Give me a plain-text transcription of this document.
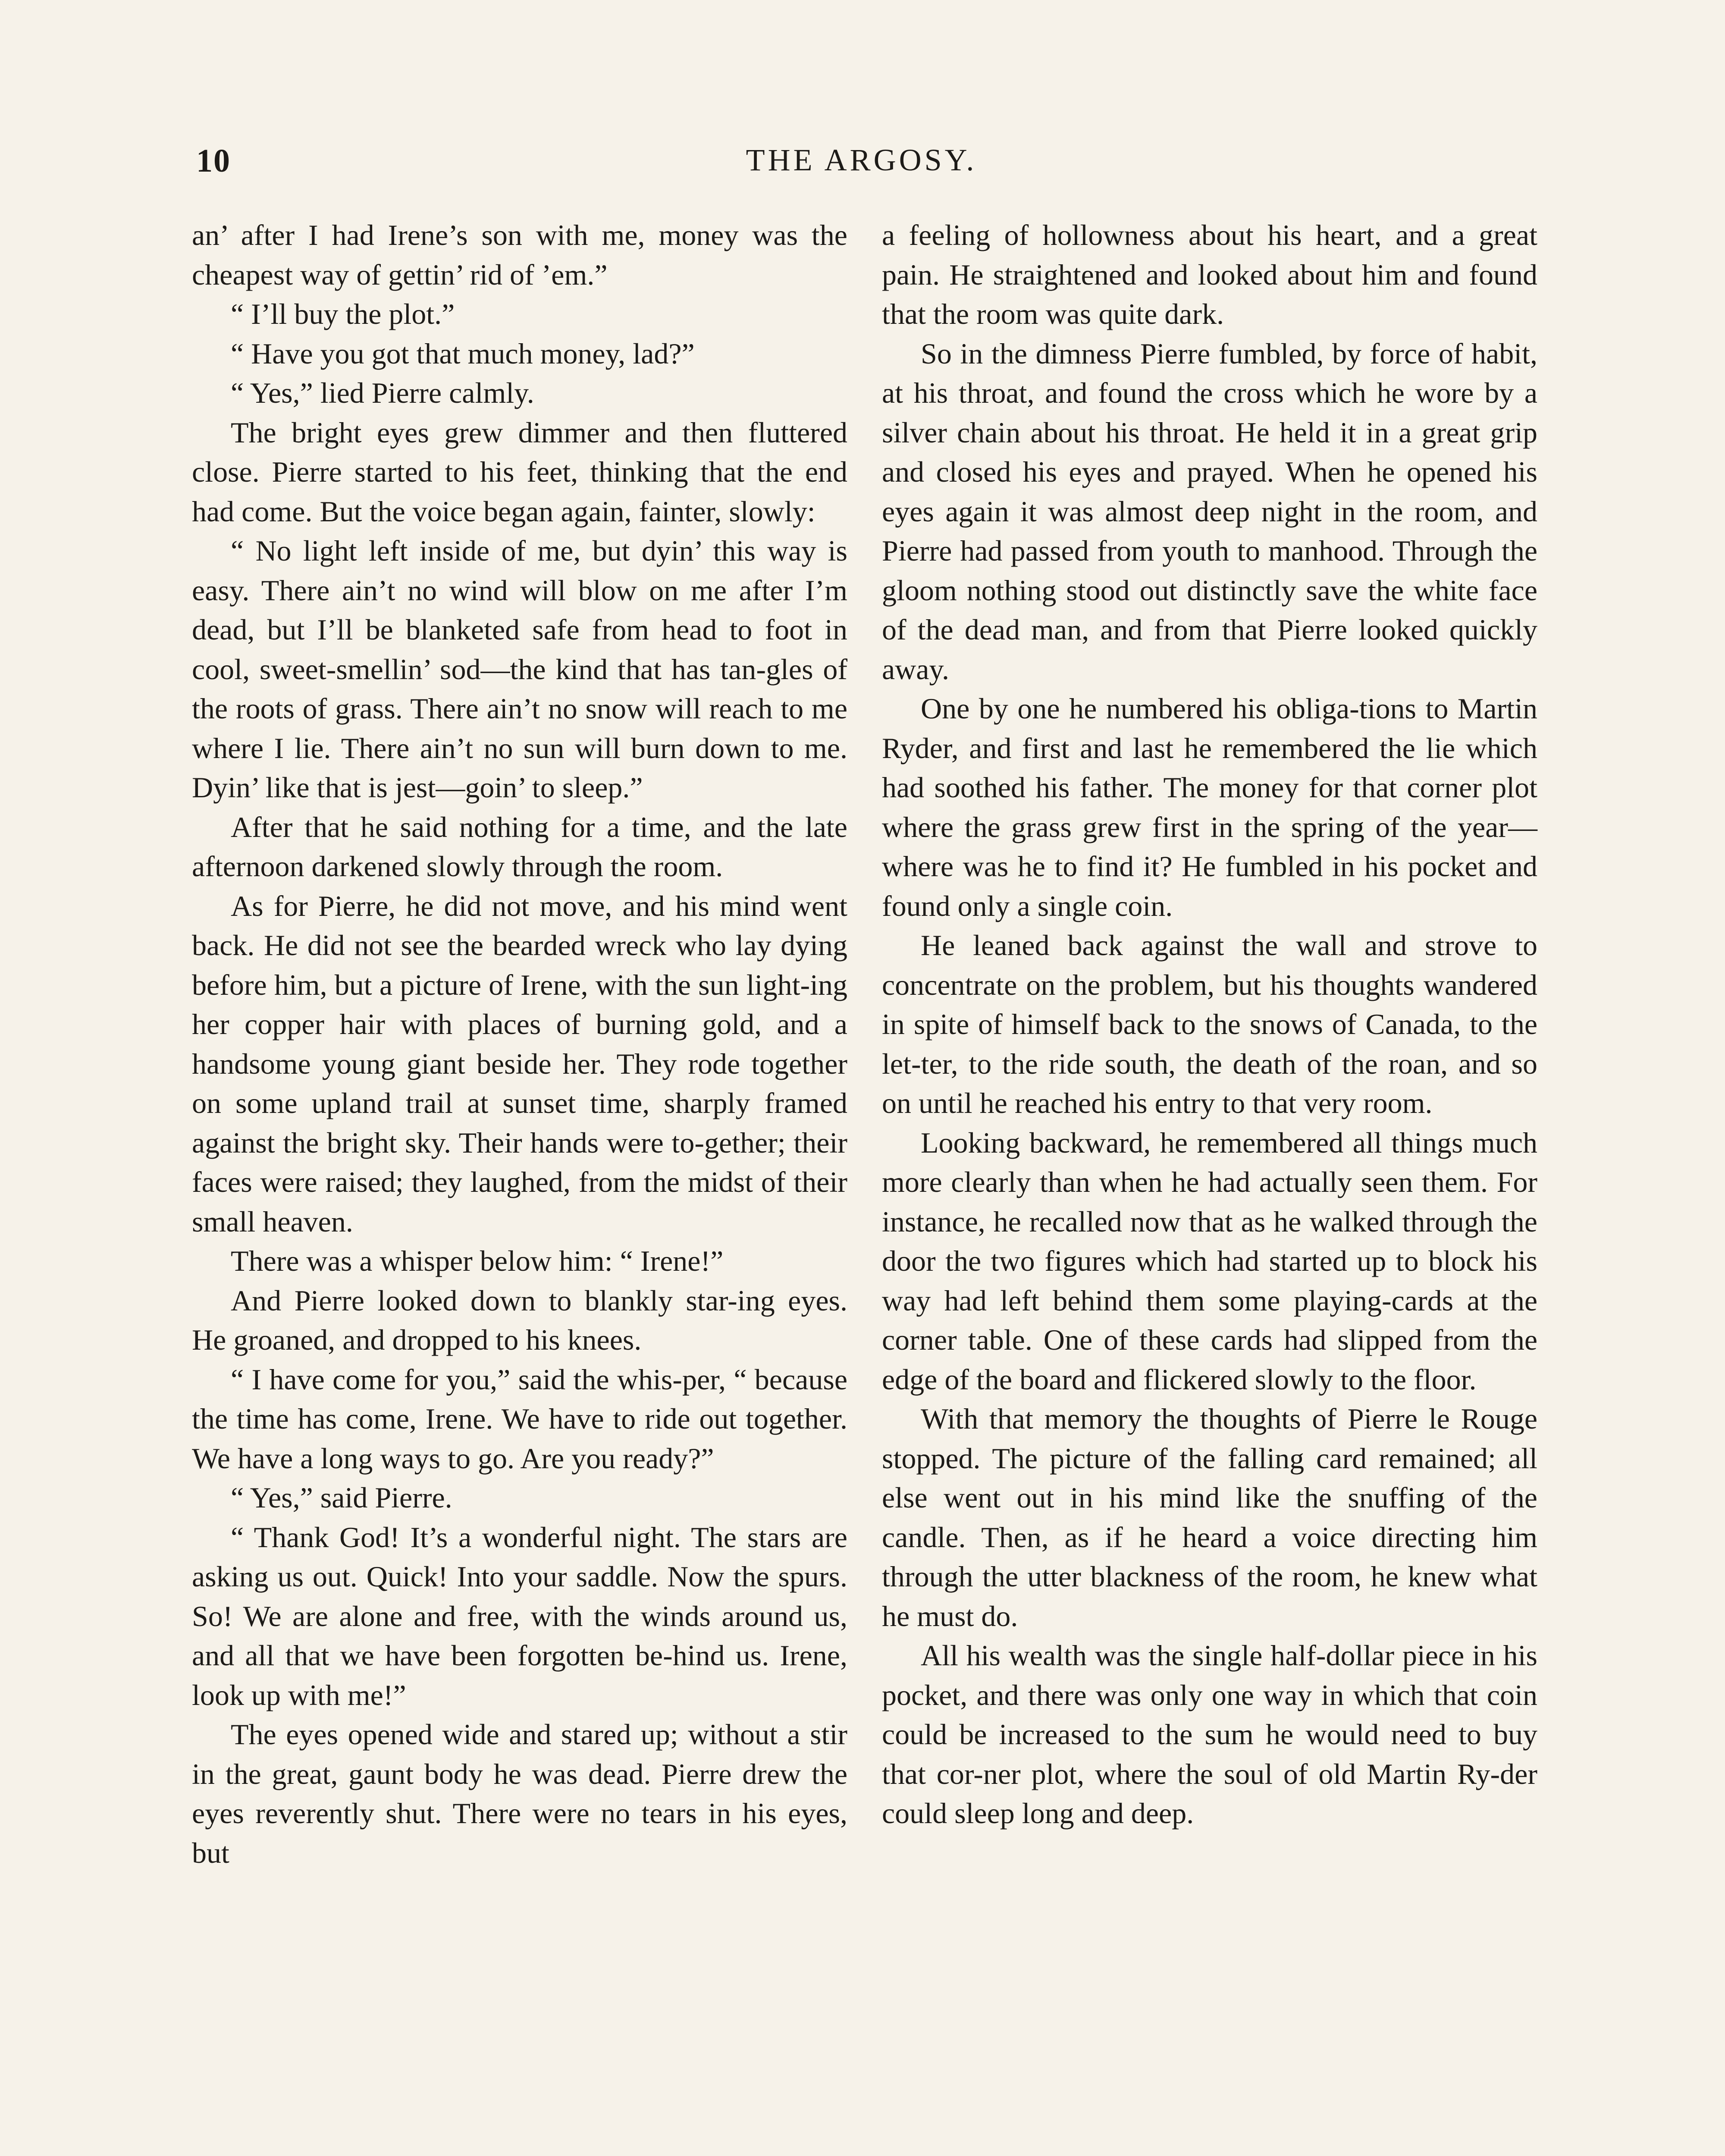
10	THE ARGOSY.

an’ after I had Irene’s son with me, money was the cheapest way of gettin’ rid of ’em.”

“ I’ll buy the plot.”

“ Have you got that much money, lad?”

“ Yes,” lied Pierre calmly.

The bright eyes grew dimmer and then fluttered close. Pierre started to his feet, thinking that the end had come. But the voice began again, fainter, slowly:

“ No light left inside of me, but dyin’ this way is easy. There ain’t no wind will blow on me after I’m dead, but I’ll be blanketed safe from head to foot in cool, sweet-smellin’ sod—the kind that has tan-gles of the roots of grass. There ain’t no snow will reach to me where I lie. There ain’t no sun will burn down to me. Dyin’ like that is jest—goin’ to sleep.”

After that he said nothing for a time, and the late afternoon darkened slowly through the room.

As for Pierre, he did not move, and his mind went back. He did not see the bearded wreck who lay dying before him, but a picture of Irene, with the sun light-ing her copper hair with places of burning gold, and a handsome young giant beside her. They rode together on some upland trail at sunset time, sharply framed against the bright sky. Their hands were to-gether; their faces were raised; they laughed, from the midst of their small heaven.

There was a whisper below him: “ Irene!”

And Pierre looked down to blankly star-ing eyes. He groaned, and dropped to his knees.

“ I have come for you,” said the whis-per, “ because the time has come, Irene. We have to ride out together. We have a long ways to go. Are you ready?”

“ Yes,” said Pierre.

“ Thank God! It’s a wonderful night. The stars are asking us out. Quick! Into your saddle. Now the spurs. So! We are alone and free, with the winds around us, and all that we have been forgotten be-hind us. Irene, look up with me!”

The eyes opened wide and stared up; without a stir in the great, gaunt body he was dead. Pierre drew the eyes reverently shut. There were no tears in his eyes, but

a feeling of hollowness about his heart, and a great pain. He straightened and looked about him and found that the room was quite dark.

So in the dimness Pierre fumbled, by force of habit, at his throat, and found the cross which he wore by a silver chain about his throat. He held it in a great grip and closed his eyes and prayed. When he opened his eyes again it was almost deep night in the room, and Pierre had passed from youth to manhood. Through the gloom nothing stood out distinctly save the white face of the dead man, and from that Pierre looked quickly away.

One by one he numbered his obliga-tions to Martin Ryder, and first and last he remembered the lie which had soothed his father. The money for that corner plot where the grass grew first in the spring of the year—where was he to find it? He fumbled in his pocket and found only a single coin.

He leaned back against the wall and strove to concentrate on the problem, but his thoughts wandered in spite of himself back to the snows of Canada, to the let-ter, to the ride south, the death of the roan, and so on until he reached his entry to that very room.

Looking backward, he remembered all things much more clearly than when he had actually seen them. For instance, he recalled now that as he walked through the door the two figures which had started up to block his way had left behind them some playing-cards at the corner table. One of these cards had slipped from the edge of the board and flickered slowly to the floor.

With that memory the thoughts of Pierre le Rouge stopped. The picture of the falling card remained; all else went out in his mind like the snuffing of the candle. Then, as if he heard a voice directing him through the utter blackness of the room, he knew what he must do.

All his wealth was the single half-dollar piece in his pocket, and there was only one way in which that coin could be increased to the sum he would need to buy that cor-ner plot, where the soul of old Martin Ry-der could sleep long and deep.
